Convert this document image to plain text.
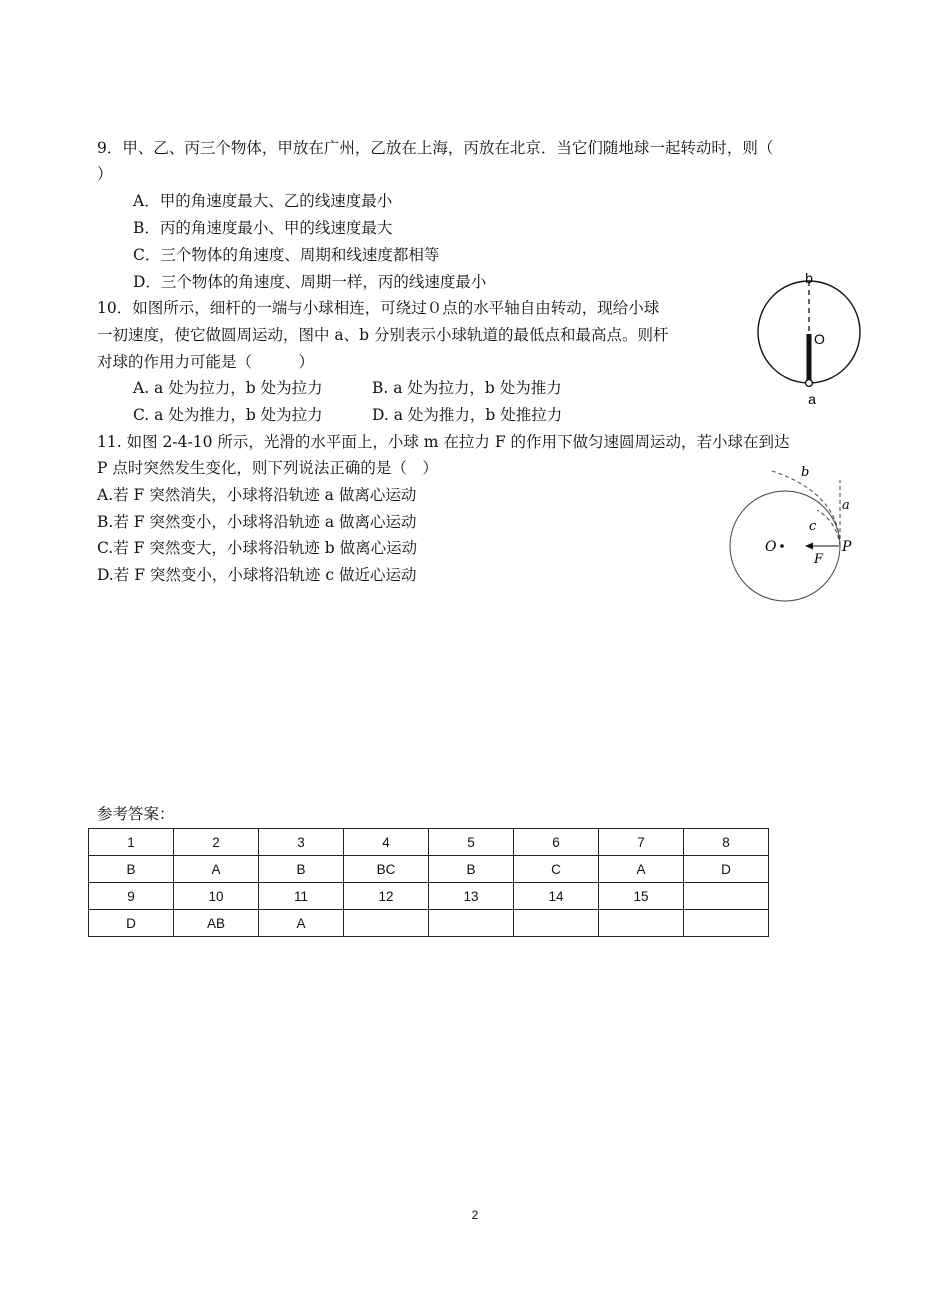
9．甲、乙、丙三个物体，甲放在广州，乙放在上海，丙放在北京．当它们随地球一起转动时，则（
）
A．甲的角速度最大、乙的线速度最小
B．丙的角速度最小、甲的线速度最大
C．三个物体的角速度、周期和线速度都相等
D．三个物体的角速度、周期一样，丙的线速度最小
10．如图所示，细杆的一端与小球相连，可绕过０点的水平轴自由转动，现给小球
一初速度，使它做圆周运动，图中 a、b 分别表示小球轨道的最低点和最高点。则杆
对球的作用力可能是（　　　）
A. a 处为拉力，b 处为拉力	B. a 处为拉力，b 处为推力
C. a 处为推力，b 处为拉力	D. a 处为推力，b 处推拉力
b
O
a
11. 如图 2-4-10 所示，光滑的水平面上，小球 m 在拉力 F 的作用下做匀速圆周运动，若小球在到达
P 点时突然发生变化，则下列说法正确的是（　）
A.若 F 突然消失，小球将沿轨迹 a 做离心运动
B.若 F 突然变小，小球将沿轨迹 a 做离心运动
C.若 F 突然变大，小球将沿轨迹 b 做离心运动
D.若 F 突然变小，小球将沿轨迹 c 做近心运动
O	P
F
b
a
c
参考答案：
1	2	3	4	5	6	7	8
B	A	B	BC	B	C	A	D
9	10	11	12	13	14	15	
D	AB	A					
2
